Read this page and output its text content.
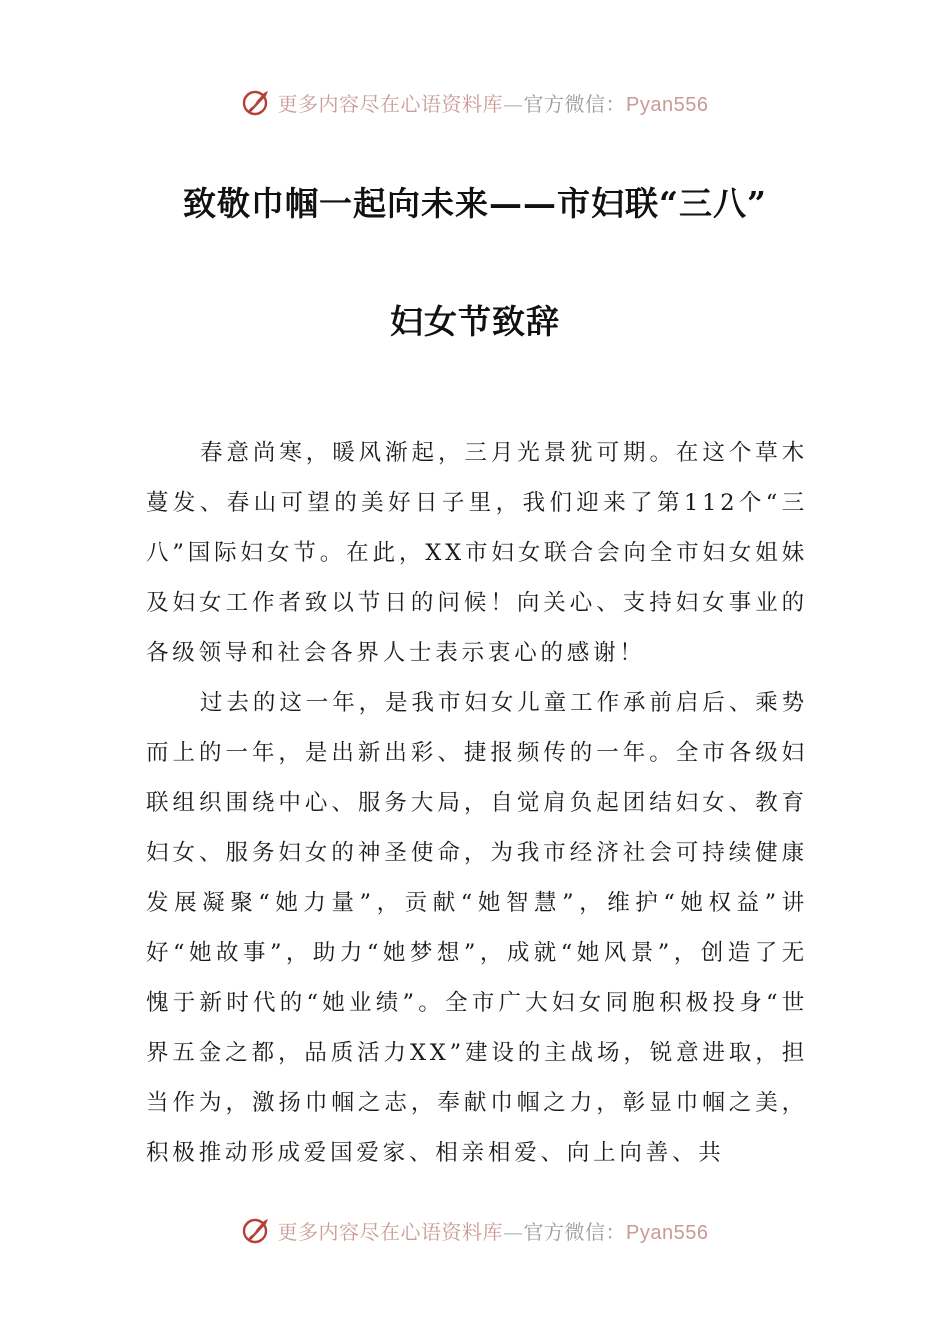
更多内容尽在心语资料库—官方微信：Pyan556
致敬巾帼一起向未来——市妇联“三八”
妇女节致辞

春意尚寒，暖风渐起，三月光景犹可期。在这个草木蔓发、春山可望的美好日子里，我们迎来了第112个“三八”国际妇女节。在此，XX市妇女联合会向全市妇女姐妹及妇女工作者致以节日的问候！向关心、支持妇女事业的各级领导和社会各界人士表示衷心的感谢！

过去的这一年，是我市妇女儿童工作承前启后、乘势而上的一年，是出新出彩、捷报频传的一年。全市各级妇联组织围绕中心、服务大局，自觉肩负起团结妇女、教育妇女、服务妇女的神圣使命，为我市经济社会可持续健康发展凝聚“她力量”，贡献“她智慧”，维护“她权益”讲好“她故事”，助力“她梦想”，成就“她风景”，创造了无愧于新时代的“她业绩”。全市广大妇女同胞积极投身“世界五金之都，品质活力XX”建设的主战场，锐意进取，担当作为，激扬巾帼之志，奉献巾帼之力，彰显巾帼之美，积极推动形成爱国爱家、相亲相爱、向上向善、共

更多内容尽在心语资料库—官方微信：Pyan556
